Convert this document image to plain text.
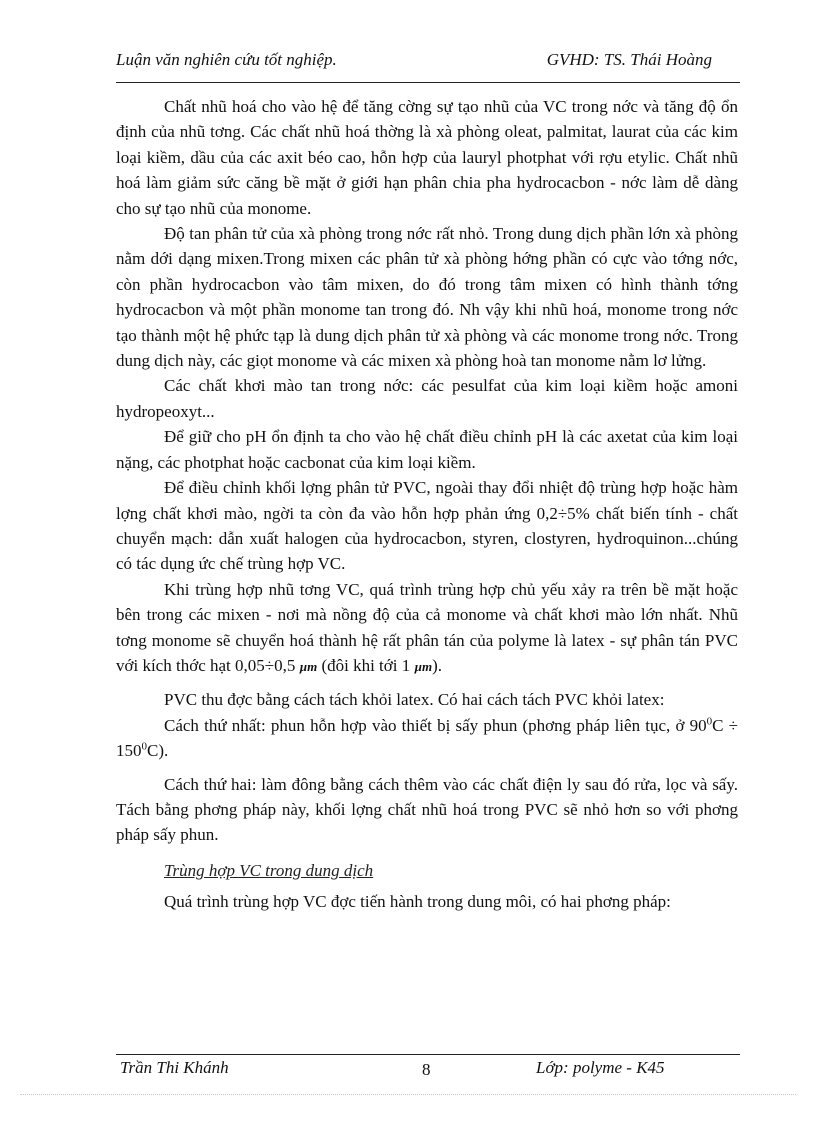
Luận văn nghiên cứu tốt nghiệp.	GVHD: TS. Thái Hoàng

Chất nhũ hoá cho vào hệ để tăng cờng sự tạo nhũ của VC trong nớc và tăng độ ổn định của nhũ tơng. Các chất nhũ hoá thờng là xà phòng oleat, palmitat, laurat của các kim loại kiềm, dầu của các axit béo cao, hỗn hợp của lauryl photphat với rợu etylic. Chất nhũ hoá làm giảm sức căng bề mặt ở giới hạn phân chia pha hydrocacbon - nớc làm dễ dàng cho sự tạo nhũ của monome.

Độ tan phân tử của xà phòng trong nớc rất nhỏ. Trong dung dịch phần lớn xà phòng nằm dới dạng mixen.Trong mixen các phân tử xà phòng hớng phần có cực vào tớng nớc, còn phần hydrocacbon vào tâm mixen, do đó trong tâm mixen có hình thành tớng hydrocacbon và một phần monome tan trong đó. Nh vậy khi nhũ hoá, monome trong nớc tạo thành một hệ phức tạp là dung dịch phân tử xà phòng và các monome trong nớc. Trong dung dịch này, các giọt monome và các mixen xà phòng hoà tan monome nằm lơ lửng.

Các chất khơi mào tan trong nớc: các pesulfat của kim loại kiềm hoặc amoni hydropeoxyt...

Để giữ cho pH ổn định ta cho vào hệ chất điều chỉnh pH là các axetat của kim loại nặng, các photphat hoặc cacbonat của kim loại kiềm.

Để điều chỉnh khối lợng phân tử PVC, ngoài thay đổi nhiệt độ trùng hợp hoặc hàm lợng chất khơi mào, ngời ta còn đa vào hỗn hợp phản ứng 0,2÷5% chất biến tính - chất chuyển mạch: dẫn xuất halogen của hydrocacbon, styren, clostyren, hydroquinon...chúng có tác dụng ức chế trùng hợp VC.

Khi trùng hợp nhũ tơng VC, quá trình trùng hợp chủ yếu xảy ra trên bề mặt hoặc bên trong các mixen - nơi mà nồng độ của cả monome và chất khơi mào lớn nhất. Nhũ tơng monome sẽ chuyển hoá thành hệ rất phân tán của polyme là latex - sự phân tán PVC với kích thớc hạt 0,05÷0,5 µm (đôi khi tới 1 µm).

PVC thu đợc bằng cách tách khỏi latex. Có hai cách tách PVC khỏi latex:

Cách thứ nhất: phun hỗn hợp vào thiết bị sấy phun (phơng pháp liên tục, ở $90^0C \div 150^0C$).

Cách thứ hai: làm đông bằng cách thêm vào các chất điện ly sau đó rửa, lọc và sấy. Tách bằng phơng pháp này, khối lợng chất nhũ hoá trong PVC sẽ nhỏ hơn so với phơng pháp sấy phun.

Trùng hợp VC trong dung dịch

Quá trình trùng hợp VC đợc tiến hành trong dung môi, có hai phơng pháp:

Trần Thi Khánh	8	Lớp: polyme - K45
